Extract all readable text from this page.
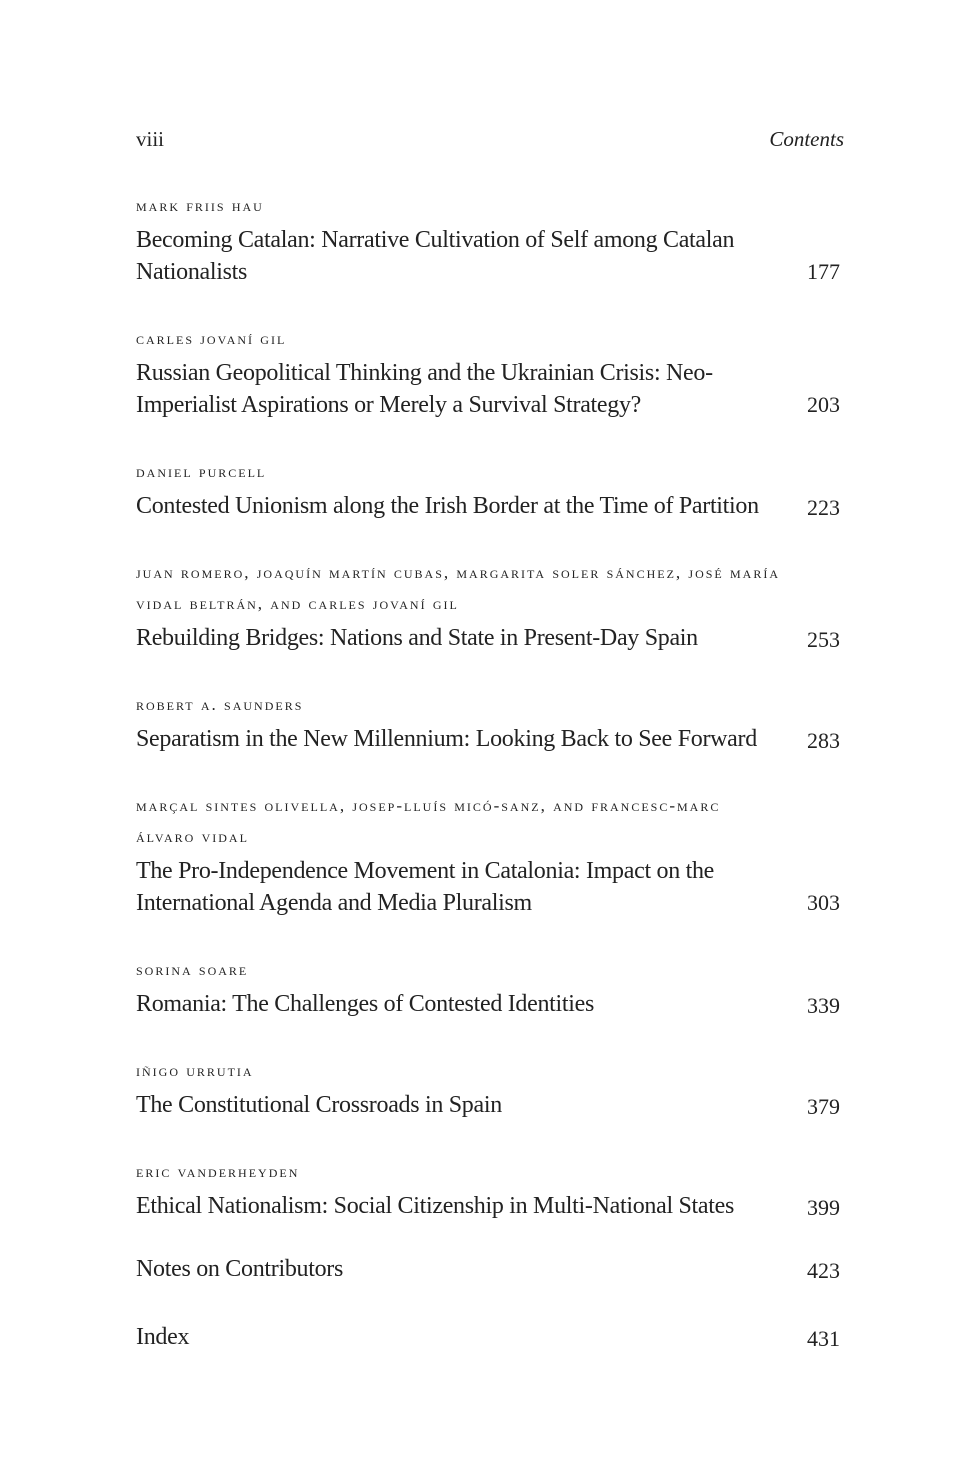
viii	Contents
mark friis hau
Becoming Catalan: Narrative Cultivation of Self among Catalan Nationalists	177
carles jovaní gil
Russian Geopolitical Thinking and the Ukrainian Crisis: Neo-Imperialist Aspirations or Merely a Survival Strategy?	203
daniel purcell
Contested Unionism along the Irish Border at the Time of Partition	223
juan romero, joaquín martín cubas, margarita soler sánchez, josé maría vidal beltrán, and carles jovaní gil
Rebuilding Bridges: Nations and State in Present-Day Spain	253
robert a. saunders
Separatism in the New Millennium: Looking Back to See Forward	283
marçal sintes olivella, josep-lluís micó-sanz, and francesc-marc álvaro vidal
The Pro-Independence Movement in Catalonia: Impact on the International Agenda and Media Pluralism	303
sorina soare
Romania: The Challenges of Contested Identities	339
iñigo urrutia
The Constitutional Crossroads in Spain	379
eric vanderheyden
Ethical Nationalism: Social Citizenship in Multi-National States	399
Notes on Contributors	423
Index	431
